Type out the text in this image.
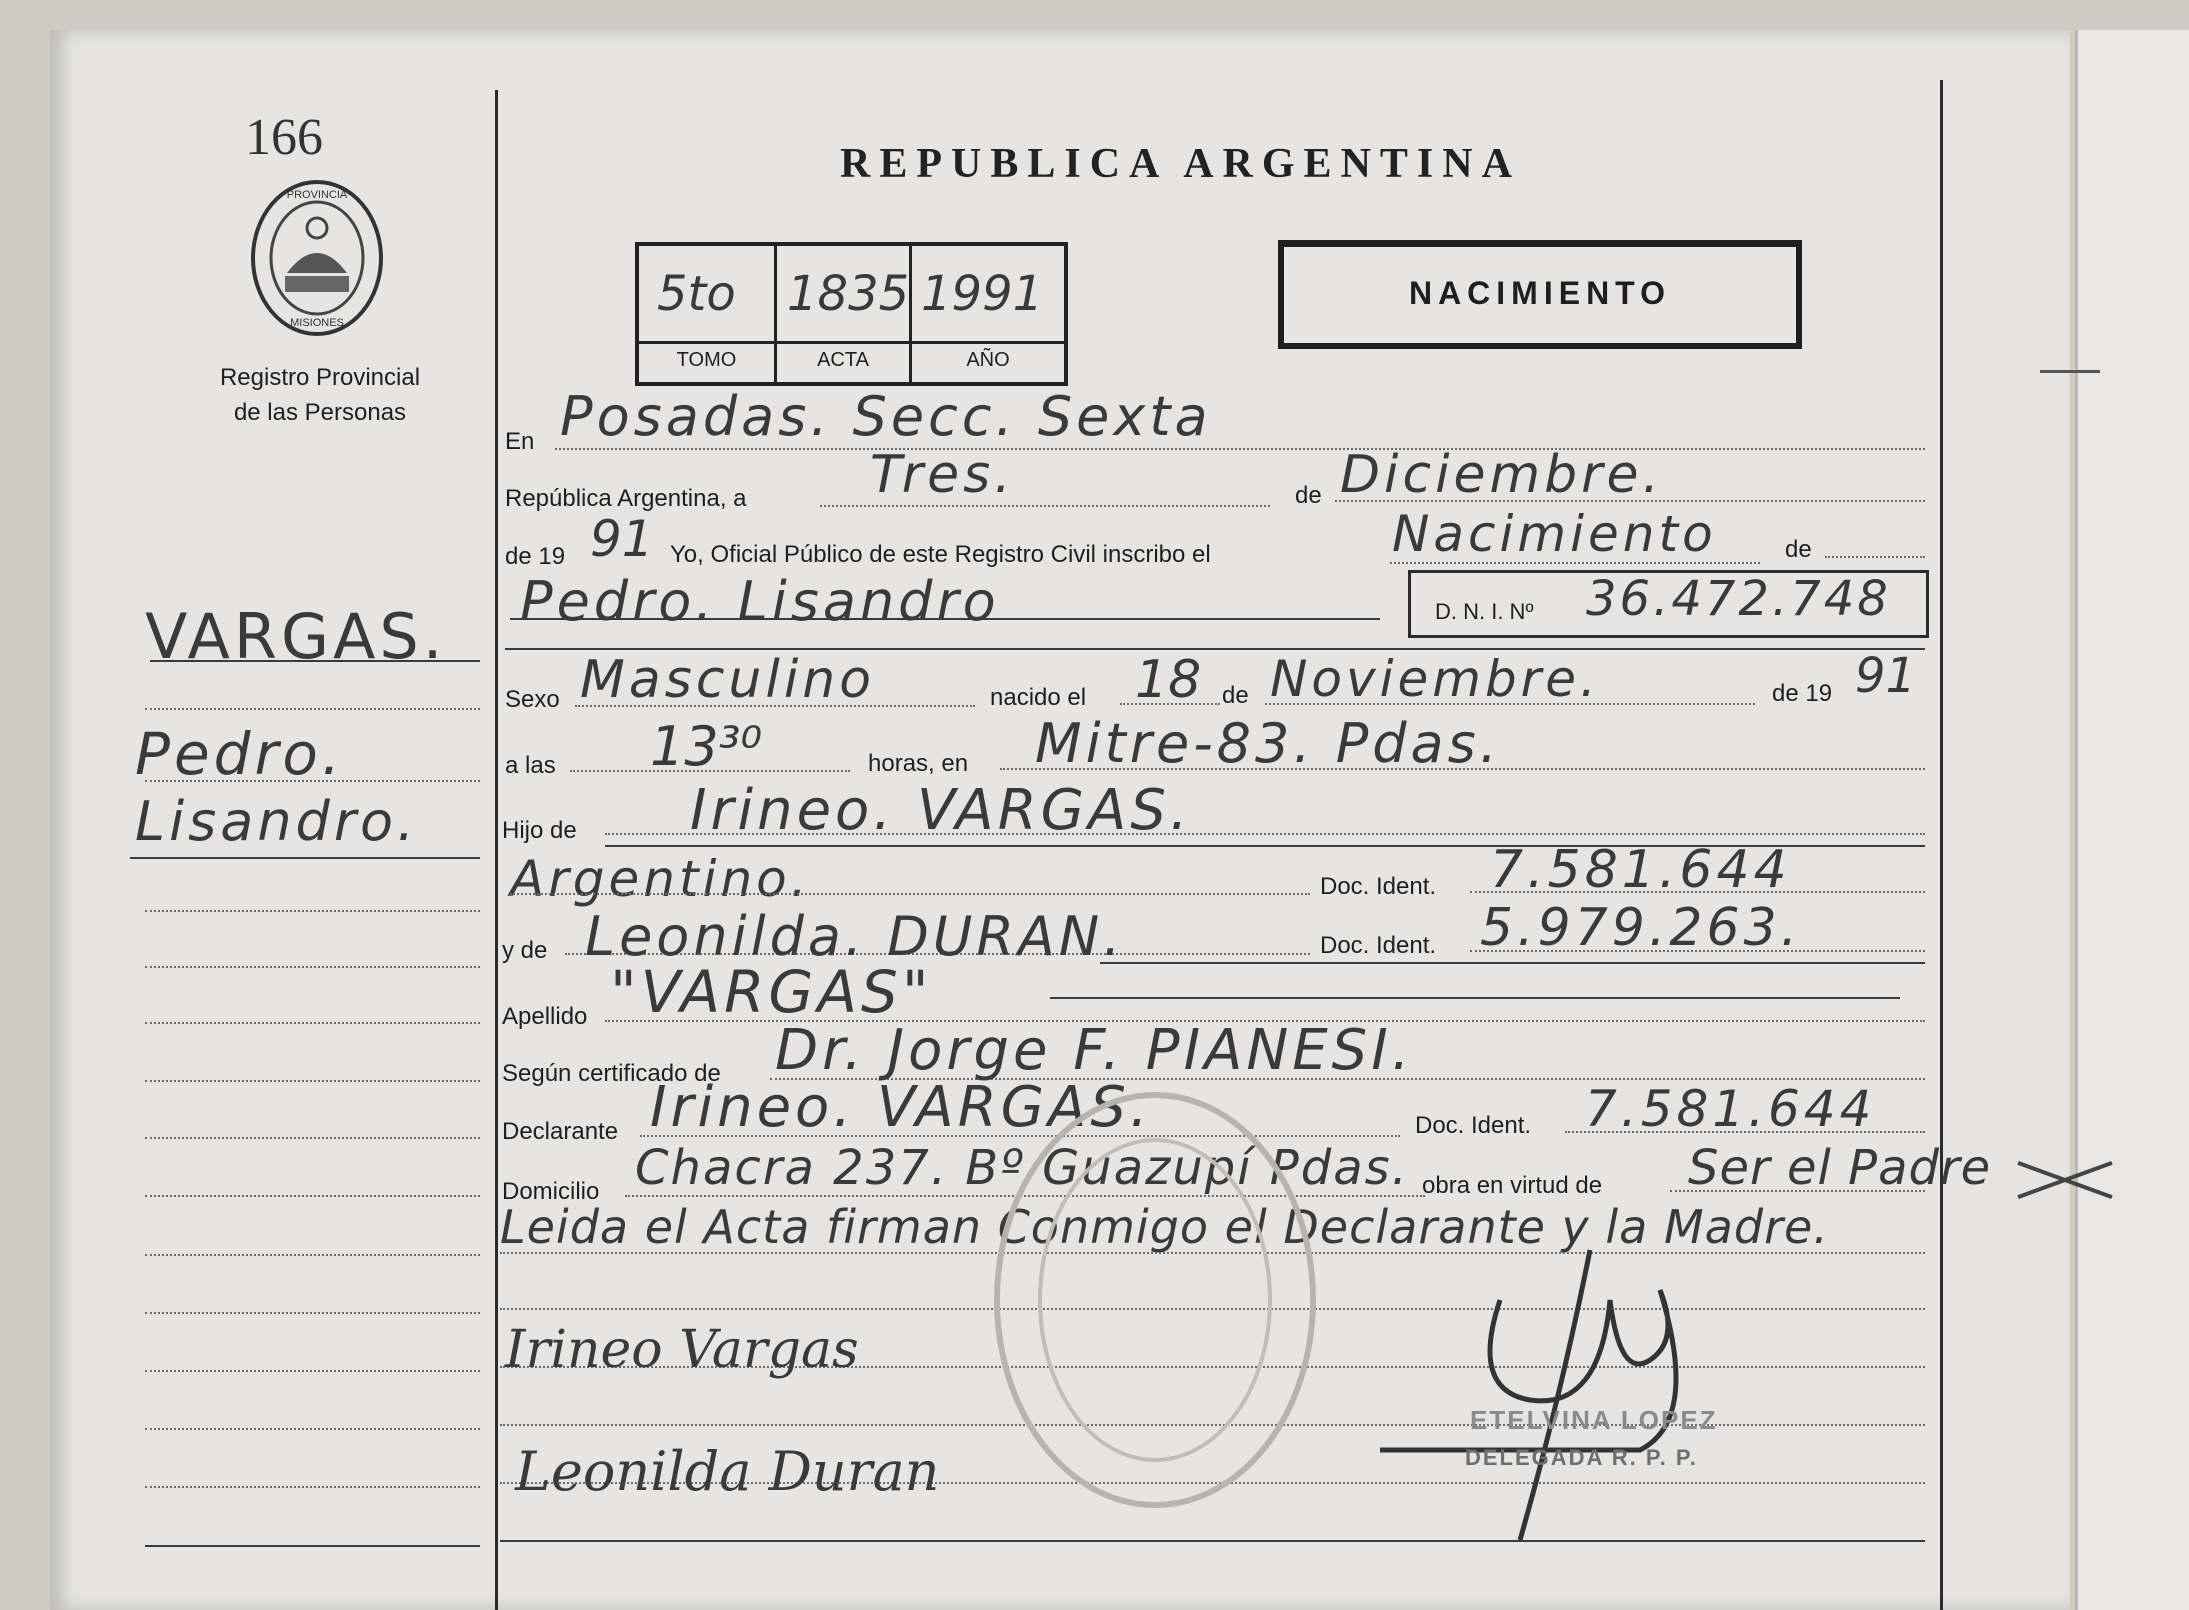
166
PROVINCIA
MISIONES
Registro Provincial
de las Personas
REPUBLICA ARGENTINA
5to 1835 1991
TOMO	ACTA	AÑO
NACIMIENTO
VARGAS.
Pedro.
Lisandro.
En Posadas. Secc. Sexta
República Argentina, a Tres.	de Diciembre.
de 19 91 Yo, Oficial Público de este Registro Civil inscribo el	Nacimiento	de
Pedro. Lisandro	D. N. I. Nº 36.472.748
Sexo Masculino	nacido el 18 de Noviembre.	de 19 91
a las 13³⁰	horas, en Mitre-83. Pdas.
Hijo de Irineo. VARGAS.
Argentino.	Doc. Ident. 7.581.644
y de Leonilda. DURAN.	Doc. Ident. 5.979.263.
Apellido "VARGAS"
Según certificado de Dr. Jorge F. PIANESI.
Declarante Irineo. VARGAS.	Doc. Ident. 7.581.644
Domicilio Chacra 237. Bº Guazupí Pdas. obra en virtud de Ser el Padre
Leida el Acta firman Conmigo el Declarante y la Madre.
Irineo Vargas
Leonilda Duran
ETELVINA LOPEZ
DELEGADA R. P. P.
